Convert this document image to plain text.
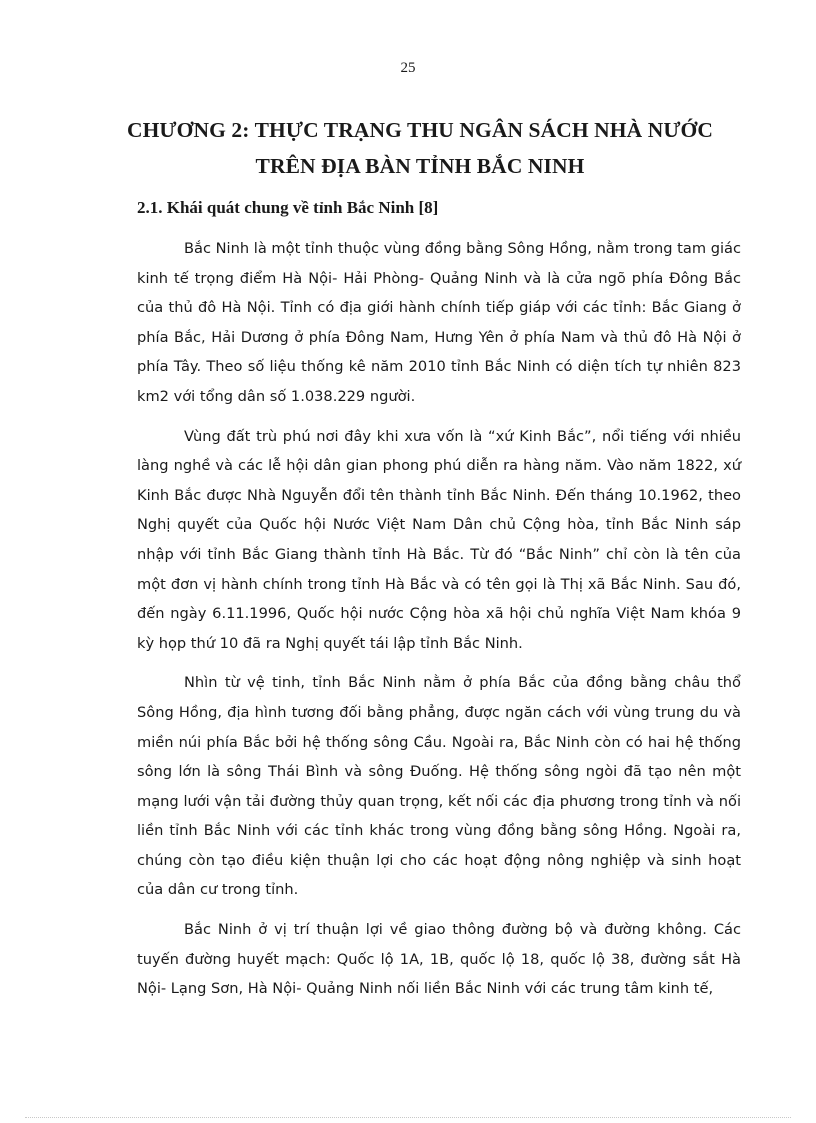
25
CHƯƠNG 2: THỰC TRẠNG THU NGÂN SÁCH NHÀ NƯỚC
TRÊN ĐỊA BÀN TỈNH BẮC NINH
2.1. Khái quát chung về tỉnh Bắc Ninh [8]

Bắc Ninh là một tỉnh thuộc vùng đồng bằng Sông Hồng, nằm trong tam giác kinh tế trọng điểm Hà Nội- Hải Phòng- Quảng Ninh và là cửa ngõ phía Đông Bắc của thủ đô Hà Nội. Tỉnh có địa giới hành chính tiếp giáp với các tỉnh: Bắc Giang ở phía Bắc, Hải Dương ở phía Đông Nam, Hưng Yên ở phía Nam và thủ đô Hà Nội ở phía Tây. Theo số liệu thống kê năm 2010 tỉnh Bắc Ninh có diện tích tự nhiên 823 km2 với tổng dân số 1.038.229 người.

Vùng đất trù phú nơi đây khi xưa vốn là “xứ Kinh Bắc”, nổi tiếng với nhiều làng nghề và các lễ hội dân gian phong phú diễn ra hàng năm. Vào năm 1822, xứ Kinh Bắc được Nhà Nguyễn đổi tên thành tỉnh Bắc Ninh. Đến tháng 10.1962, theo Nghị quyết của Quốc hội Nước Việt Nam Dân chủ Cộng hòa, tỉnh Bắc Ninh sáp nhập với tỉnh Bắc Giang thành tỉnh Hà Bắc. Từ đó “Bắc Ninh” chỉ còn là tên của một đơn vị hành chính trong tỉnh Hà Bắc và có tên gọi là Thị xã Bắc Ninh. Sau đó, đến ngày 6.11.1996, Quốc hội nước Cộng hòa xã hội chủ nghĩa Việt Nam khóa 9 kỳ họp thứ 10 đã ra Nghị quyết tái lập tỉnh Bắc Ninh.

Nhìn từ vệ tinh, tỉnh Bắc Ninh nằm ở phía Bắc của đồng bằng châu thổ Sông Hồng, địa hình tương đối bằng phẳng, được ngăn cách với vùng trung du và miền núi phía Bắc bởi hệ thống sông Cầu. Ngoài ra, Bắc Ninh còn có hai hệ thống sông lớn là sông Thái Bình và sông Đuống. Hệ thống sông ngòi đã tạo nên một mạng lưới vận tải đường thủy quan trọng, kết nối các địa phương trong tỉnh và nối liền tỉnh Bắc Ninh với các tỉnh khác trong vùng đồng bằng sông Hồng. Ngoài ra, chúng còn tạo điều kiện thuận lợi cho các hoạt động nông nghiệp và sinh hoạt của dân cư trong tỉnh.

Bắc Ninh ở vị trí thuận lợi về giao thông đường bộ và đường không. Các tuyến đường huyết mạch: Quốc lộ 1A, 1B, quốc lộ 18, quốc lộ 38, đường sắt Hà Nội- Lạng Sơn, Hà Nội- Quảng Ninh nối liền Bắc Ninh với các trung tâm kinh tế,
